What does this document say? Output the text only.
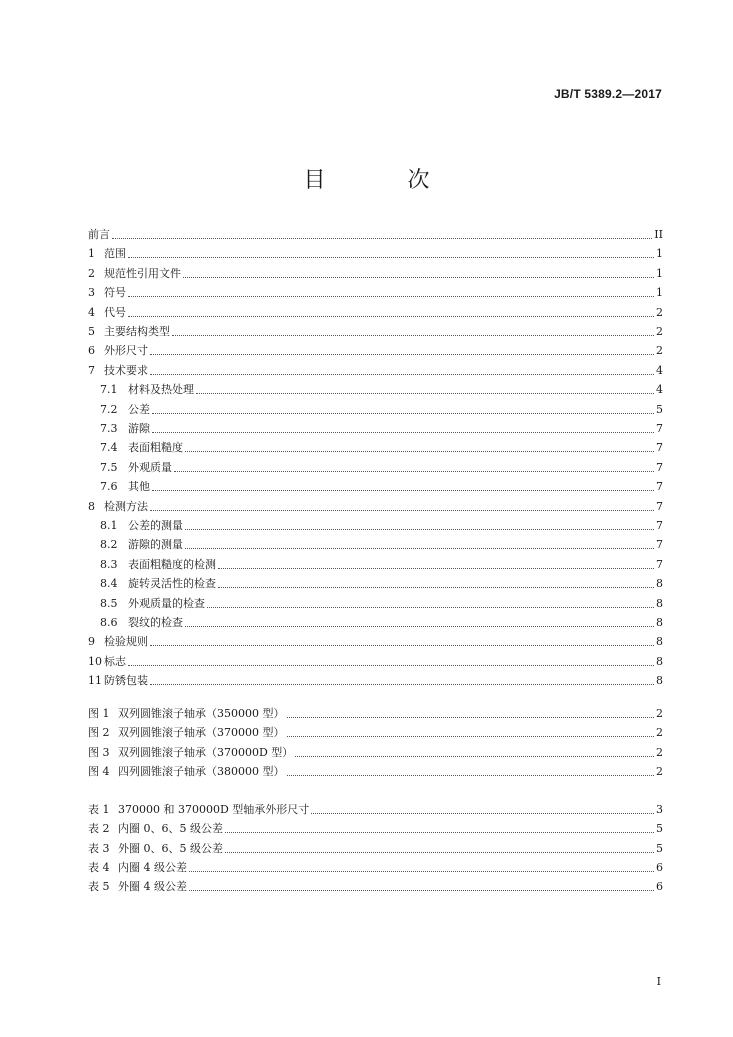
JB/T 5389.2—2017
目　次
前言	II
1 范围	1
2 规范性引用文件	1
3 符号	1
4 代号	2
5 主要结构类型	2
6 外形尺寸	2
7 技术要求	4
7.1 材料及热处理	4
7.2 公差	5
7.3 游隙	7
7.4 表面粗糙度	7
7.5 外观质量	7
7.6 其他	7
8 检测方法	7
8.1 公差的测量	7
8.2 游隙的测量	7
8.3 表面粗糙度的检测	7
8.4 旋转灵活性的检查	8
8.5 外观质量的检查	8
8.6 裂纹的检查	8
9 检验规则	8
10 标志	8
11 防锈包装	8
图 1 双列圆锥滚子轴承（350000 型）	2
图 2 双列圆锥滚子轴承（370000 型）	2
图 3 双列圆锥滚子轴承（370000D 型）	2
图 4 四列圆锥滚子轴承（380000 型）	2
表 1 370000 和 370000D 型轴承外形尺寸	3
表 2 内圈 0、6、5 级公差	5
表 3 外圈 0、6、5 级公差	5
表 4 内圈 4 级公差	6
表 5 外圈 4 级公差	6
I
